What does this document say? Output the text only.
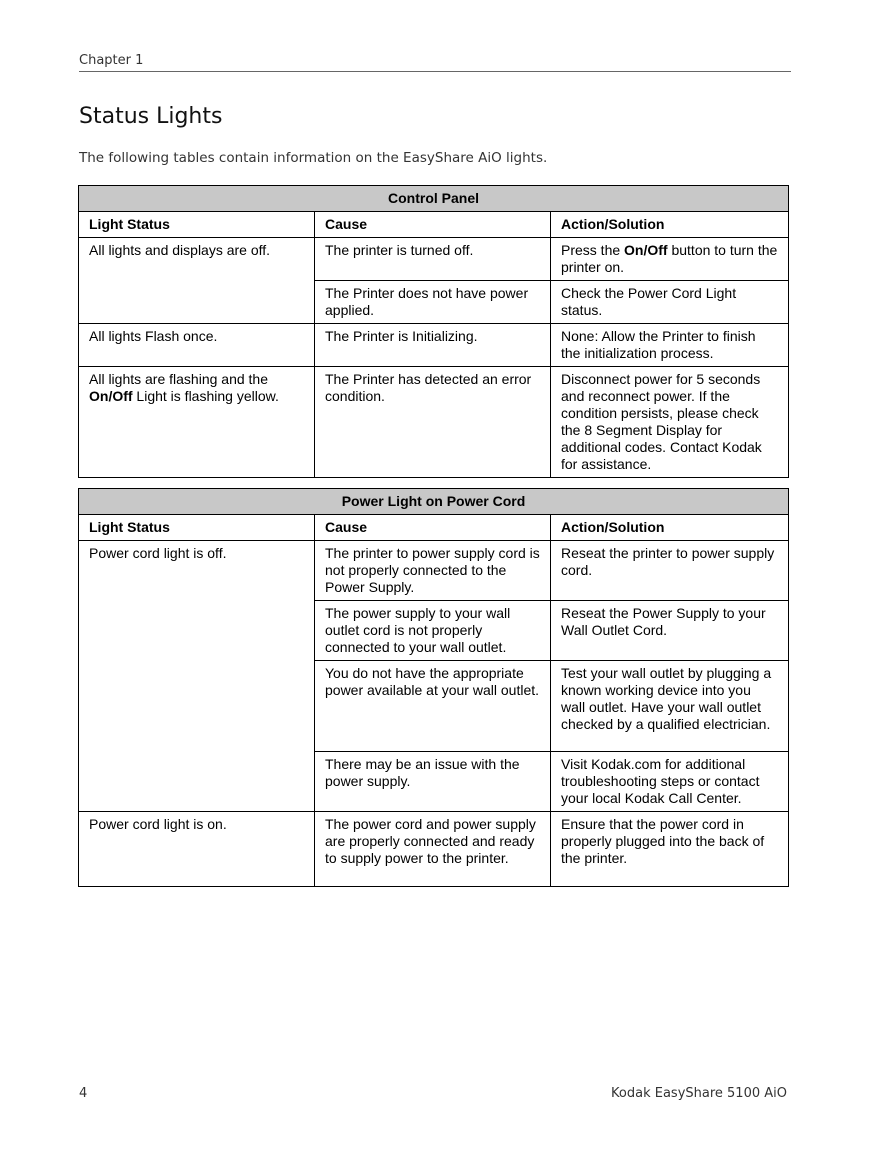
Chapter 1
Status Lights
The following tables contain information on the EasyShare AiO lights.
Control Panel		
Light Status	Cause	Action/Solution
All lights and displays are off.	The printer is turned off.	Press the On/Off button to turn the printer on.
	The Printer does not have power applied.	Check the Power Cord Light status.
All lights Flash once.	The Printer is Initializing.	None: Allow the Printer to finish the initialization process.
All lights are flashing and the On/Off Light is flashing yellow.	The Printer has detected an error condition.	Disconnect power for 5 seconds and reconnect power. If the condition persists, please check the 8 Segment Display for additional codes. Contact Kodak for assistance.
Power Light on Power Cord		
Light Status	Cause	Action/Solution
Power cord light is off.	The printer to power supply cord is not properly connected to the Power Supply.	Reseat the printer to power supply cord.
	The power supply to your wall outlet cord is not properly connected to your wall outlet.	Reseat the Power Supply to your Wall Outlet Cord.
	You do not have the appropriate power available at your wall outlet.	Test your wall outlet by plugging a known working device into you wall outlet. Have your wall outlet checked by a qualified electrician.
	There may be an issue with the power supply.	Visit Kodak.com for additional troubleshooting steps or contact your local Kodak Call Center.
Power cord light is on.	The power cord and power supply are properly connected and ready to supply power to the printer.	Ensure that the power cord in properly plugged into the back of the printer.
4	Kodak EasyShare 5100 AiO
